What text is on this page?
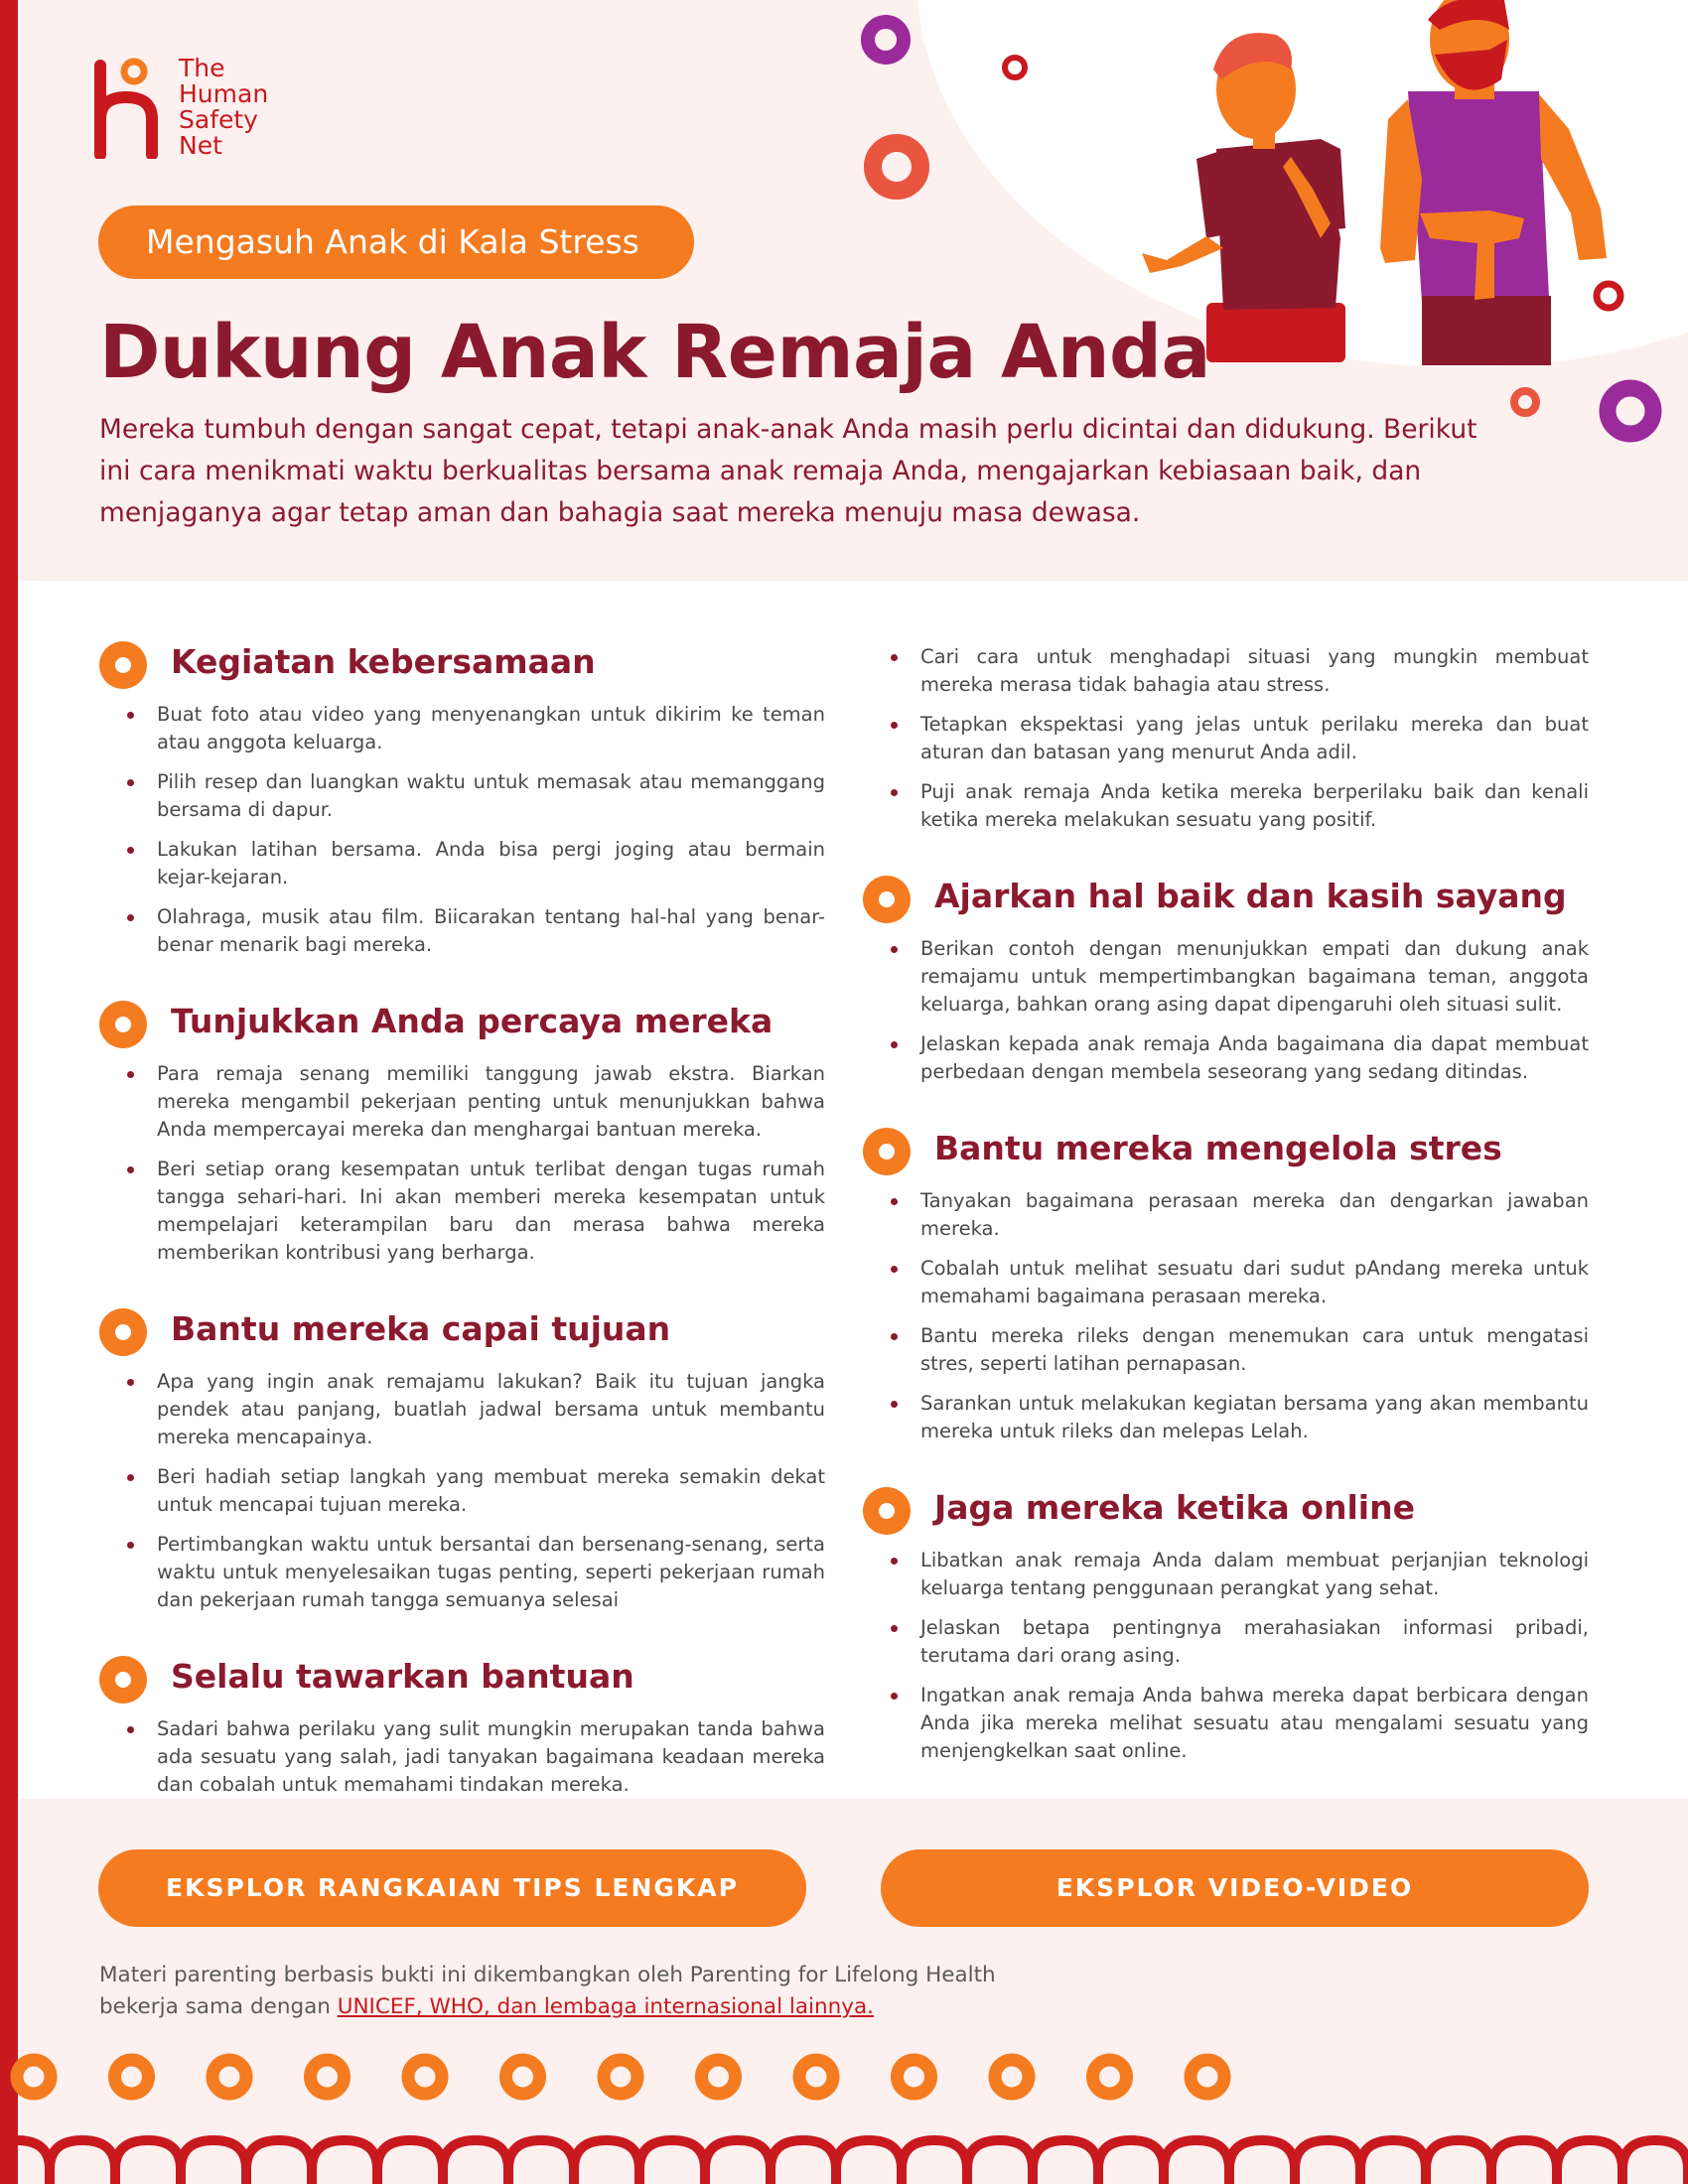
The
Human
Safety
Net
Mengasuh Anak di Kala Stress
Dukung Anak Remaja Anda

Mereka tumbuh dengan sangat cepat, tetapi anak-anak Anda masih perlu dicintai dan didukung. Berikut ini cara menikmati waktu berkualitas bersama anak remaja Anda, mengajarkan kebiasaan baik, dan menjaganya agar tetap aman dan bahagia saat mereka menuju masa dewasa.

Kegiatan kebersamaan
Buat foto atau video yang menyenangkan untuk dikirim ke teman atau anggota keluarga.
Pilih resep dan luangkan waktu untuk memasak atau memanggang bersama di dapur.
Lakukan latihan bersama. Anda bisa pergi joging atau bermain kejar-kejaran.
Olahraga, musik atau film. Biicarakan tentang hal-hal yang benar-benar menarik bagi mereka.
Tunjukkan Anda percaya mereka
Para remaja senang memiliki tanggung jawab ekstra. Biarkan mereka mengambil pekerjaan penting untuk menunjukkan bahwa Anda mempercayai mereka dan menghargai bantuan mereka.
Beri setiap orang kesempatan untuk terlibat dengan tugas rumah tangga sehari-hari. Ini akan memberi mereka kesempatan untuk mempelajari keterampilan baru dan merasa bahwa mereka memberikan kontribusi yang berharga.
Bantu mereka capai tujuan
Apa yang ingin anak remajamu lakukan? Baik itu tujuan jangka pendek atau panjang, buatlah jadwal bersama untuk membantu mereka mencapainya.
Beri hadiah setiap langkah yang membuat mereka semakin dekat untuk mencapai tujuan mereka.
Pertimbangkan waktu untuk bersantai dan bersenang-senang, serta waktu untuk menyelesaikan tugas penting, seperti pekerjaan rumah dan pekerjaan rumah tangga semuanya selesai
Selalu tawarkan bantuan
Sadari bahwa perilaku yang sulit mungkin merupakan tanda bahwa ada sesuatu yang salah, jadi tanyakan bagaimana keadaan mereka dan cobalah untuk memahami tindakan mereka.
Cari cara untuk menghadapi situasi yang mungkin membuat mereka merasa tidak bahagia atau stress.
Tetapkan ekspektasi yang jelas untuk perilaku mereka dan buat aturan dan batasan yang menurut Anda adil.
Puji anak remaja Anda ketika mereka berperilaku baik dan kenali ketika mereka melakukan sesuatu yang positif.
Ajarkan hal baik dan kasih sayang
Berikan contoh dengan menunjukkan empati dan dukung anak remajamu untuk mempertimbangkan bagaimana teman, anggota keluarga, bahkan orang asing dapat dipengaruhi oleh situasi sulit.
Jelaskan kepada anak remaja Anda bagaimana dia dapat membuat perbedaan dengan membela seseorang yang sedang ditindas.
Bantu mereka mengelola stres
Tanyakan bagaimana perasaan mereka dan dengarkan jawaban mereka.
Cobalah untuk melihat sesuatu dari sudut pAndang mereka untuk memahami bagaimana perasaan mereka.
Bantu mereka rileks dengan menemukan cara untuk mengatasi stres, seperti latihan pernapasan.
Sarankan untuk melakukan kegiatan bersama yang akan membantu mereka untuk rileks dan melepas Lelah.
Jaga mereka ketika online
Libatkan anak remaja Anda dalam membuat perjanjian teknologi keluarga tentang penggunaan perangkat yang sehat.
Jelaskan betapa pentingnya merahasiakan informasi pribadi, terutama dari orang asing.
Ingatkan anak remaja Anda bahwa mereka dapat berbicara dengan Anda jika mereka melihat sesuatu atau mengalami sesuatu yang menjengkelkan saat online.
EKSPLOR RANGKAIAN TIPS LENGKAP	EKSPLOR VIDEO-VIDEO
Materi parenting berbasis bukti ini dikembangkan oleh Parenting for Lifelong Health
bekerja sama dengan UNICEF, WHO, dan lembaga internasional lainnya.
